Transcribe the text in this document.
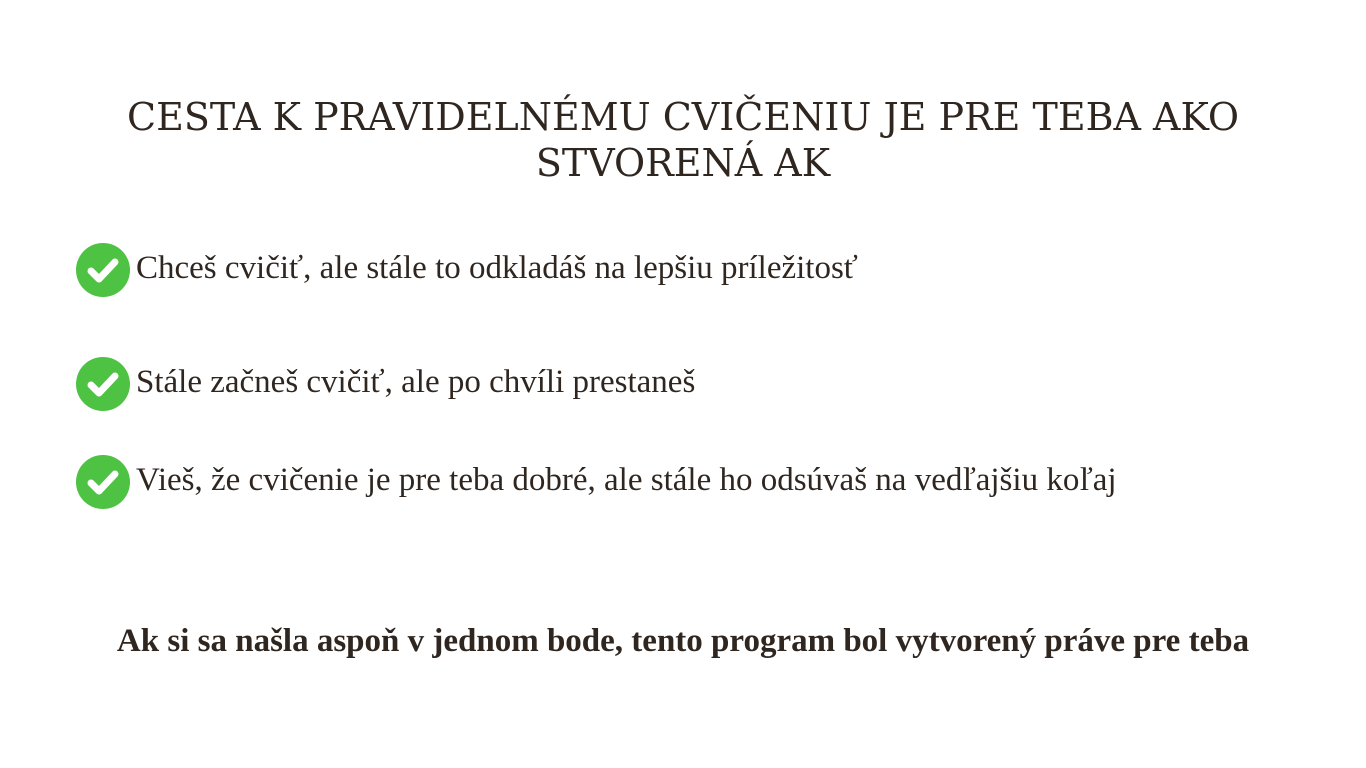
CESTA K PRAVIDELNÉMU CVIČENIU JE PRE TEBA AKO STVORENÁ AK
Chceš cvičiť, ale stále to odkladáš na lepšiu príležitosť
Stále začneš cvičiť, ale po chvíli prestaneš
Vieš, že cvičenie je pre teba dobré, ale stále ho odsúvaš na vedľajšiu koľaj

Ak si sa našla aspoň v jednom bode, tento program bol vytvorený práve pre teba
